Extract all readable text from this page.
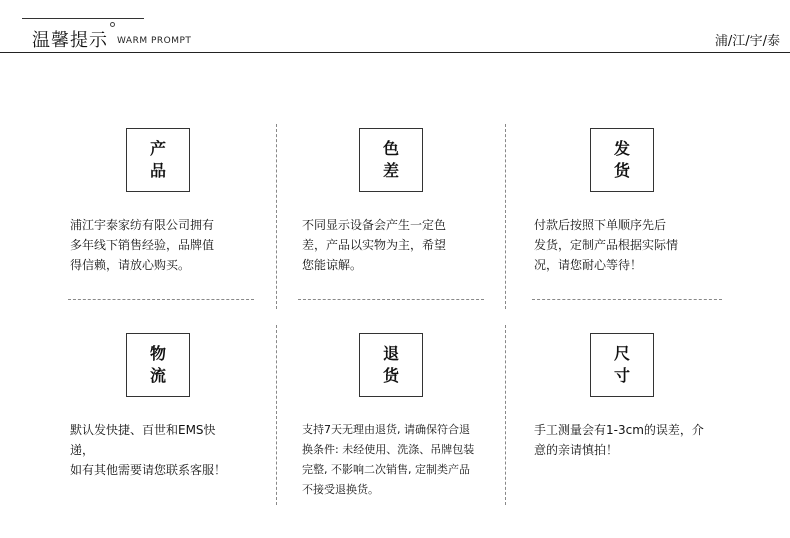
温馨提示 WARM PROMPT	浦/江/宇/泰
产
品
浦江宇泰家纺有限公司拥有
多年线下销售经验，品牌值
得信赖，请放心购买。
色
差
不同显示设备会产生一定色
差，产品以实物为主，希望
您能谅解。
发
货
付款后按照下单顺序先后
发货，定制产品根据实际情
况，请您耐心等待！
物
流
默认发快捷、百世和EMS快
递，
如有其他需要请您联系客服！
退
货
支持7天无理由退货, 请确保符合退
换条件: 未经使用、洗涤、吊牌包装
完整, 不影响二次销售, 定制类产品
不接受退换货。
尺
寸
手工测量会有1-3cm的误差，介
意的亲请慎拍！
